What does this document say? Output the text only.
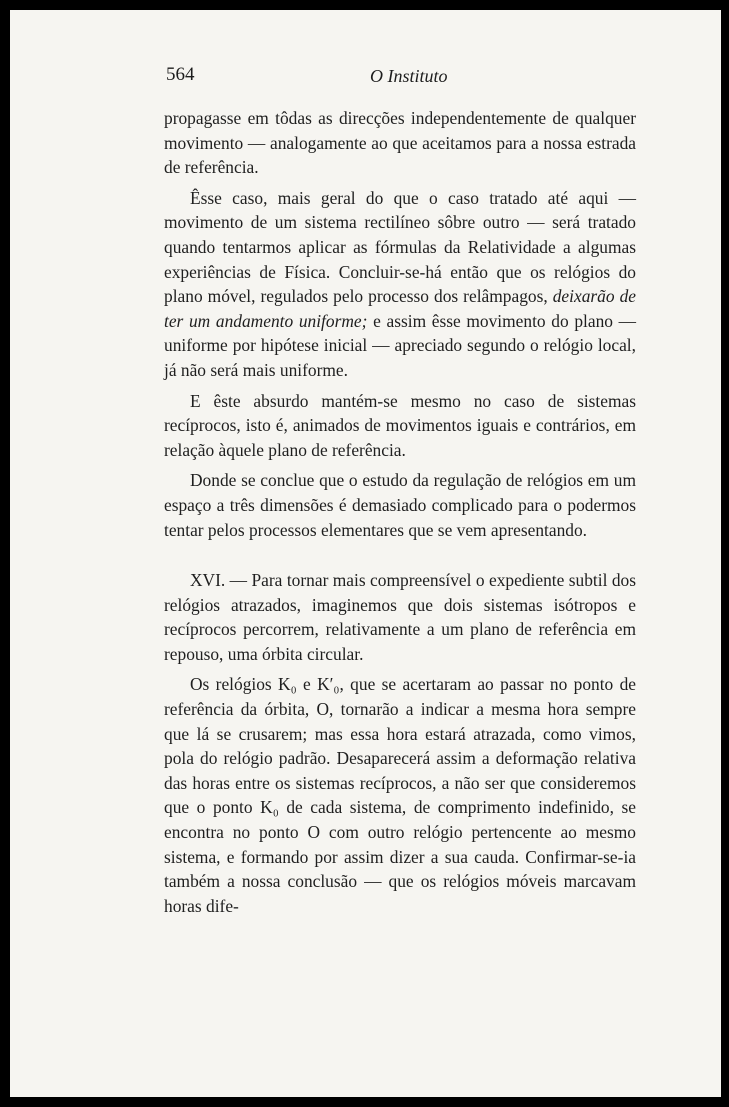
564	O Instituto

propagasse em tôdas as direcções independentemente de qualquer movimento — analogamente ao que aceitamos para a nossa estrada de referência.

Êsse caso, mais geral do que o caso tratado até aqui — movimento de um sistema rectilíneo sôbre outro — será tratado quando tentarmos aplicar as fórmulas da Relatividade a algumas experiências de Física. Concluir-se-há então que os relógios do plano móvel, regulados pelo processo dos relâmpagos, deixarão de ter um andamento uniforme; e assim êsse movimento do plano — uniforme por hipótese inicial — apreciado segundo o relógio local, já não será mais uniforme.

E êste absurdo mantém-se mesmo no caso de sistemas recíprocos, isto é, animados de movimentos iguais e contrários, em relação àquele plano de referência.

Donde se conclue que o estudo da regulação de relógios em um espaço a três dimensões é demasiado complicado para o podermos tentar pelos processos elementares que se vem apresentando.

XVI. — Para tornar mais compreensível o expediente subtil dos relógios atrazados, imaginemos que dois sistemas isótropos e recíprocos percorrem, relativamente a um plano de referência em repouso, uma órbita circular.

Os relógios K₀ e K′₀, que se acertaram ao passar no ponto de referência da órbita, O, tornarão a indicar a mesma hora sempre que lá se crusarem; mas essa hora estará atrazada, como vimos, pola do relógio padrão. Desaparecerá assim a deformação relativa das horas entre os sistemas recíprocos, a não ser que consideremos que o ponto K₀ de cada sistema, de comprimento indefinido, se encontra no ponto O com outro relógio pertencente ao mesmo sistema, e formando por assim dizer a sua cauda. Confirmar-se-ia também a nossa conclusão — que os relógios móveis marcavam horas dife-
